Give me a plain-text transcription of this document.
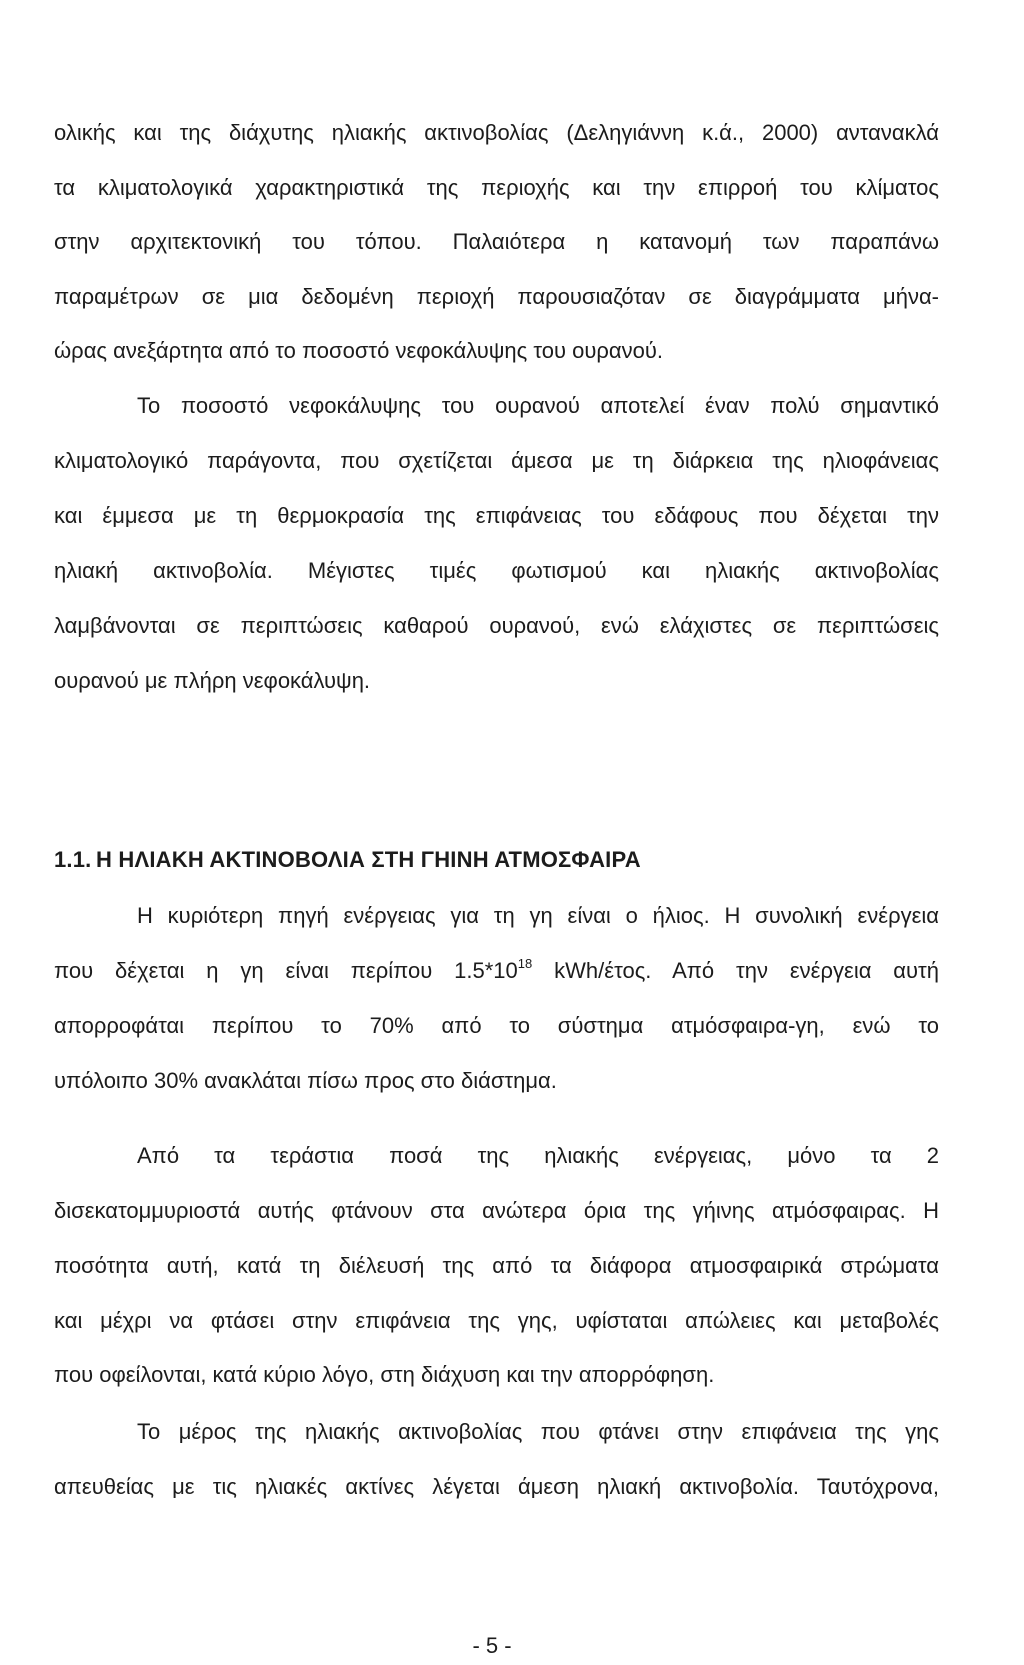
ολικής και της διάχυτης ηλιακής ακτινοβολίας (Δεληγιάννη κ.ά., 2000) αντανακλά
τα κλιματολογικά χαρακτηριστικά της περιοχής και την επιρροή του κλίματος
στην αρχιτεκτονική του τόπου. Παλαιότερα η κατανομή των παραπάνω
παραμέτρων σε μια δεδομένη περιοχή παρουσιαζόταν σε διαγράμματα μήνα-
ώρας ανεξάρτητα από το ποσοστό νεφοκάλυψης του ουρανού.
Το ποσοστό νεφοκάλυψης του ουρανού αποτελεί έναν πολύ σημαντικό
κλιματολογικό παράγοντα, που σχετίζεται άμεσα με τη διάρκεια της ηλιοφάνειας
και έμμεσα με τη θερμοκρασία της επιφάνειας του εδάφους που δέχεται την
ηλιακή ακτινοβολία. Μέγιστες τιμές φωτισμού και ηλιακής ακτινοβολίας
λαμβάνονται σε περιπτώσεις καθαρού ουρανού, ενώ ελάχιστες σε περιπτώσεις
ουρανού με πλήρη νεφοκάλυψη.
1.1. Η ΗΛΙΑΚΗ ΑΚΤΙΝΟΒΟΛΙΑ ΣΤΗ ΓΗΙΝΗ ΑΤΜΟΣΦΑΙΡΑ
Η κυριότερη πηγή ενέργειας για τη γη είναι ο ήλιος. Η συνολική ενέργεια
που δέχεται η γη είναι περίπου $1.5*10^{18}$ kWh/έτος. Από την ενέργεια αυτή
απορροφάται περίπου το 70% από το σύστημα ατμόσφαιρα-γη, ενώ το
υπόλοιπο 30% ανακλάται πίσω προς στο διάστημα.
Από τα τεράστια ποσά της ηλιακής ενέργειας, μόνο τα 2
δισεκατομμυριοστά αυτής φτάνουν στα ανώτερα όρια της γήινης ατμόσφαιρας. Η
ποσότητα αυτή, κατά τη διέλευσή της από τα διάφορα ατμοσφαιρικά στρώματα
και μέχρι να φτάσει στην επιφάνεια της γης, υφίσταται απώλειες και μεταβολές
που οφείλονται, κατά κύριο λόγο, στη διάχυση και την απορρόφηση.
Το μέρος της ηλιακής ακτινοβολίας που φτάνει στην επιφάνεια της γης
απευθείας με τις ηλιακές ακτίνες λέγεται άμεση ηλιακή ακτινοβολία. Ταυτόχρονα,
- 5 -
